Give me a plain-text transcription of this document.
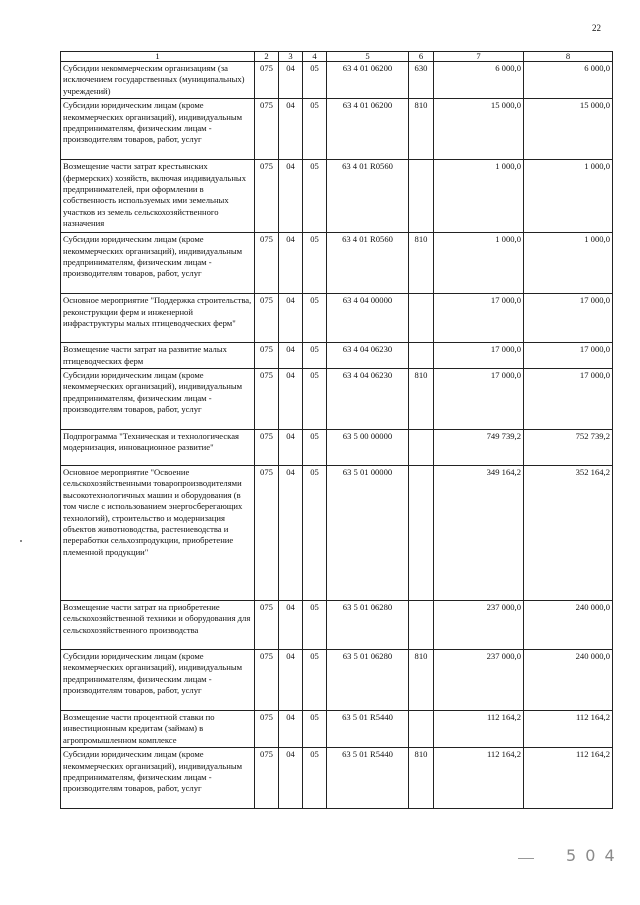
22
1	2	3	4	5	6	7	8
Субсидии некоммерческим организациям (за исключением государственных (муниципальных) учреждений)	075	04	05	63 4 01 06200	630	6 000,0	6 000,0
Субсидии юридическим лицам (кроме некоммерческих организаций), индивидуальным предпринимателям, физическим лицам - производителям товаров, работ, услуг	075	04	05	63 4 01 06200	810	15 000,0	15 000,0
Возмещение части затрат крестьянских (фермерских) хозяйств, включая индивидуальных предпринимателей, при оформлении в собственность используемых ими земельных участков из земель сельскохозяйственного назначения	075	04	05	63 4 01 R0560		1 000,0	1 000,0
Субсидии юридическим лицам (кроме некоммерческих организаций), индивидуальным предпринимателям, физическим лицам - производителям товаров, работ, услуг	075	04	05	63 4 01 R0560	810	1 000,0	1 000,0
Основное мероприятие "Поддержка строительства, реконструкции ферм и инженерной инфраструктуры малых птицеводческих ферм"	075	04	05	63 4 04 00000		17 000,0	17 000,0
Возмещение части затрат на развитие малых птицеводческих ферм	075	04	05	63 4 04 06230		17 000,0	17 000,0
Субсидии юридическим лицам (кроме некоммерческих организаций), индивидуальным предпринимателям, физическим лицам - производителям товаров, работ, услуг	075	04	05	63 4 04 06230	810	17 000,0	17 000,0
Подпрограмма "Техническая и технологическая модернизация, инновационное развитие"	075	04	05	63 5 00 00000		749 739,2	752 739,2
Основное мероприятие "Освоение сельскохозяйственными товаропроизводителями высокотехнологичных машин и оборудования (в том числе с использованием энергосберегающих технологий), строительство и модернизация объектов животноводства, растениеводства и переработки сельхозпродукции, приобретение племенной продукции"	075	04	05	63 5 01 00000		349 164,2	352 164,2
Возмещение части затрат на приобретение сельскохозяйственной техники и оборудования для сельскохозяйственного производства	075	04	05	63 5 01 06280		237 000,0	240 000,0
Субсидии юридическим лицам (кроме некоммерческих организаций), индивидуальным предпринимателям, физическим лицам - производителям товаров, работ, услуг	075	04	05	63 5 01 06280	810	237 000,0	240 000,0
Возмещение части процентной ставки по инвестиционным кредитам (займам) в агропромышленном комплексе	075	04	05	63 5 01 R5440		112 164,2	112 164,2
Субсидии юридическим лицам (кроме некоммерческих организаций), индивидуальным предпринимателям, физическим лицам - производителям товаров, работ, услуг	075	04	05	63 5 01 R5440	810	112 164,2	112 164,2
5 0 4
